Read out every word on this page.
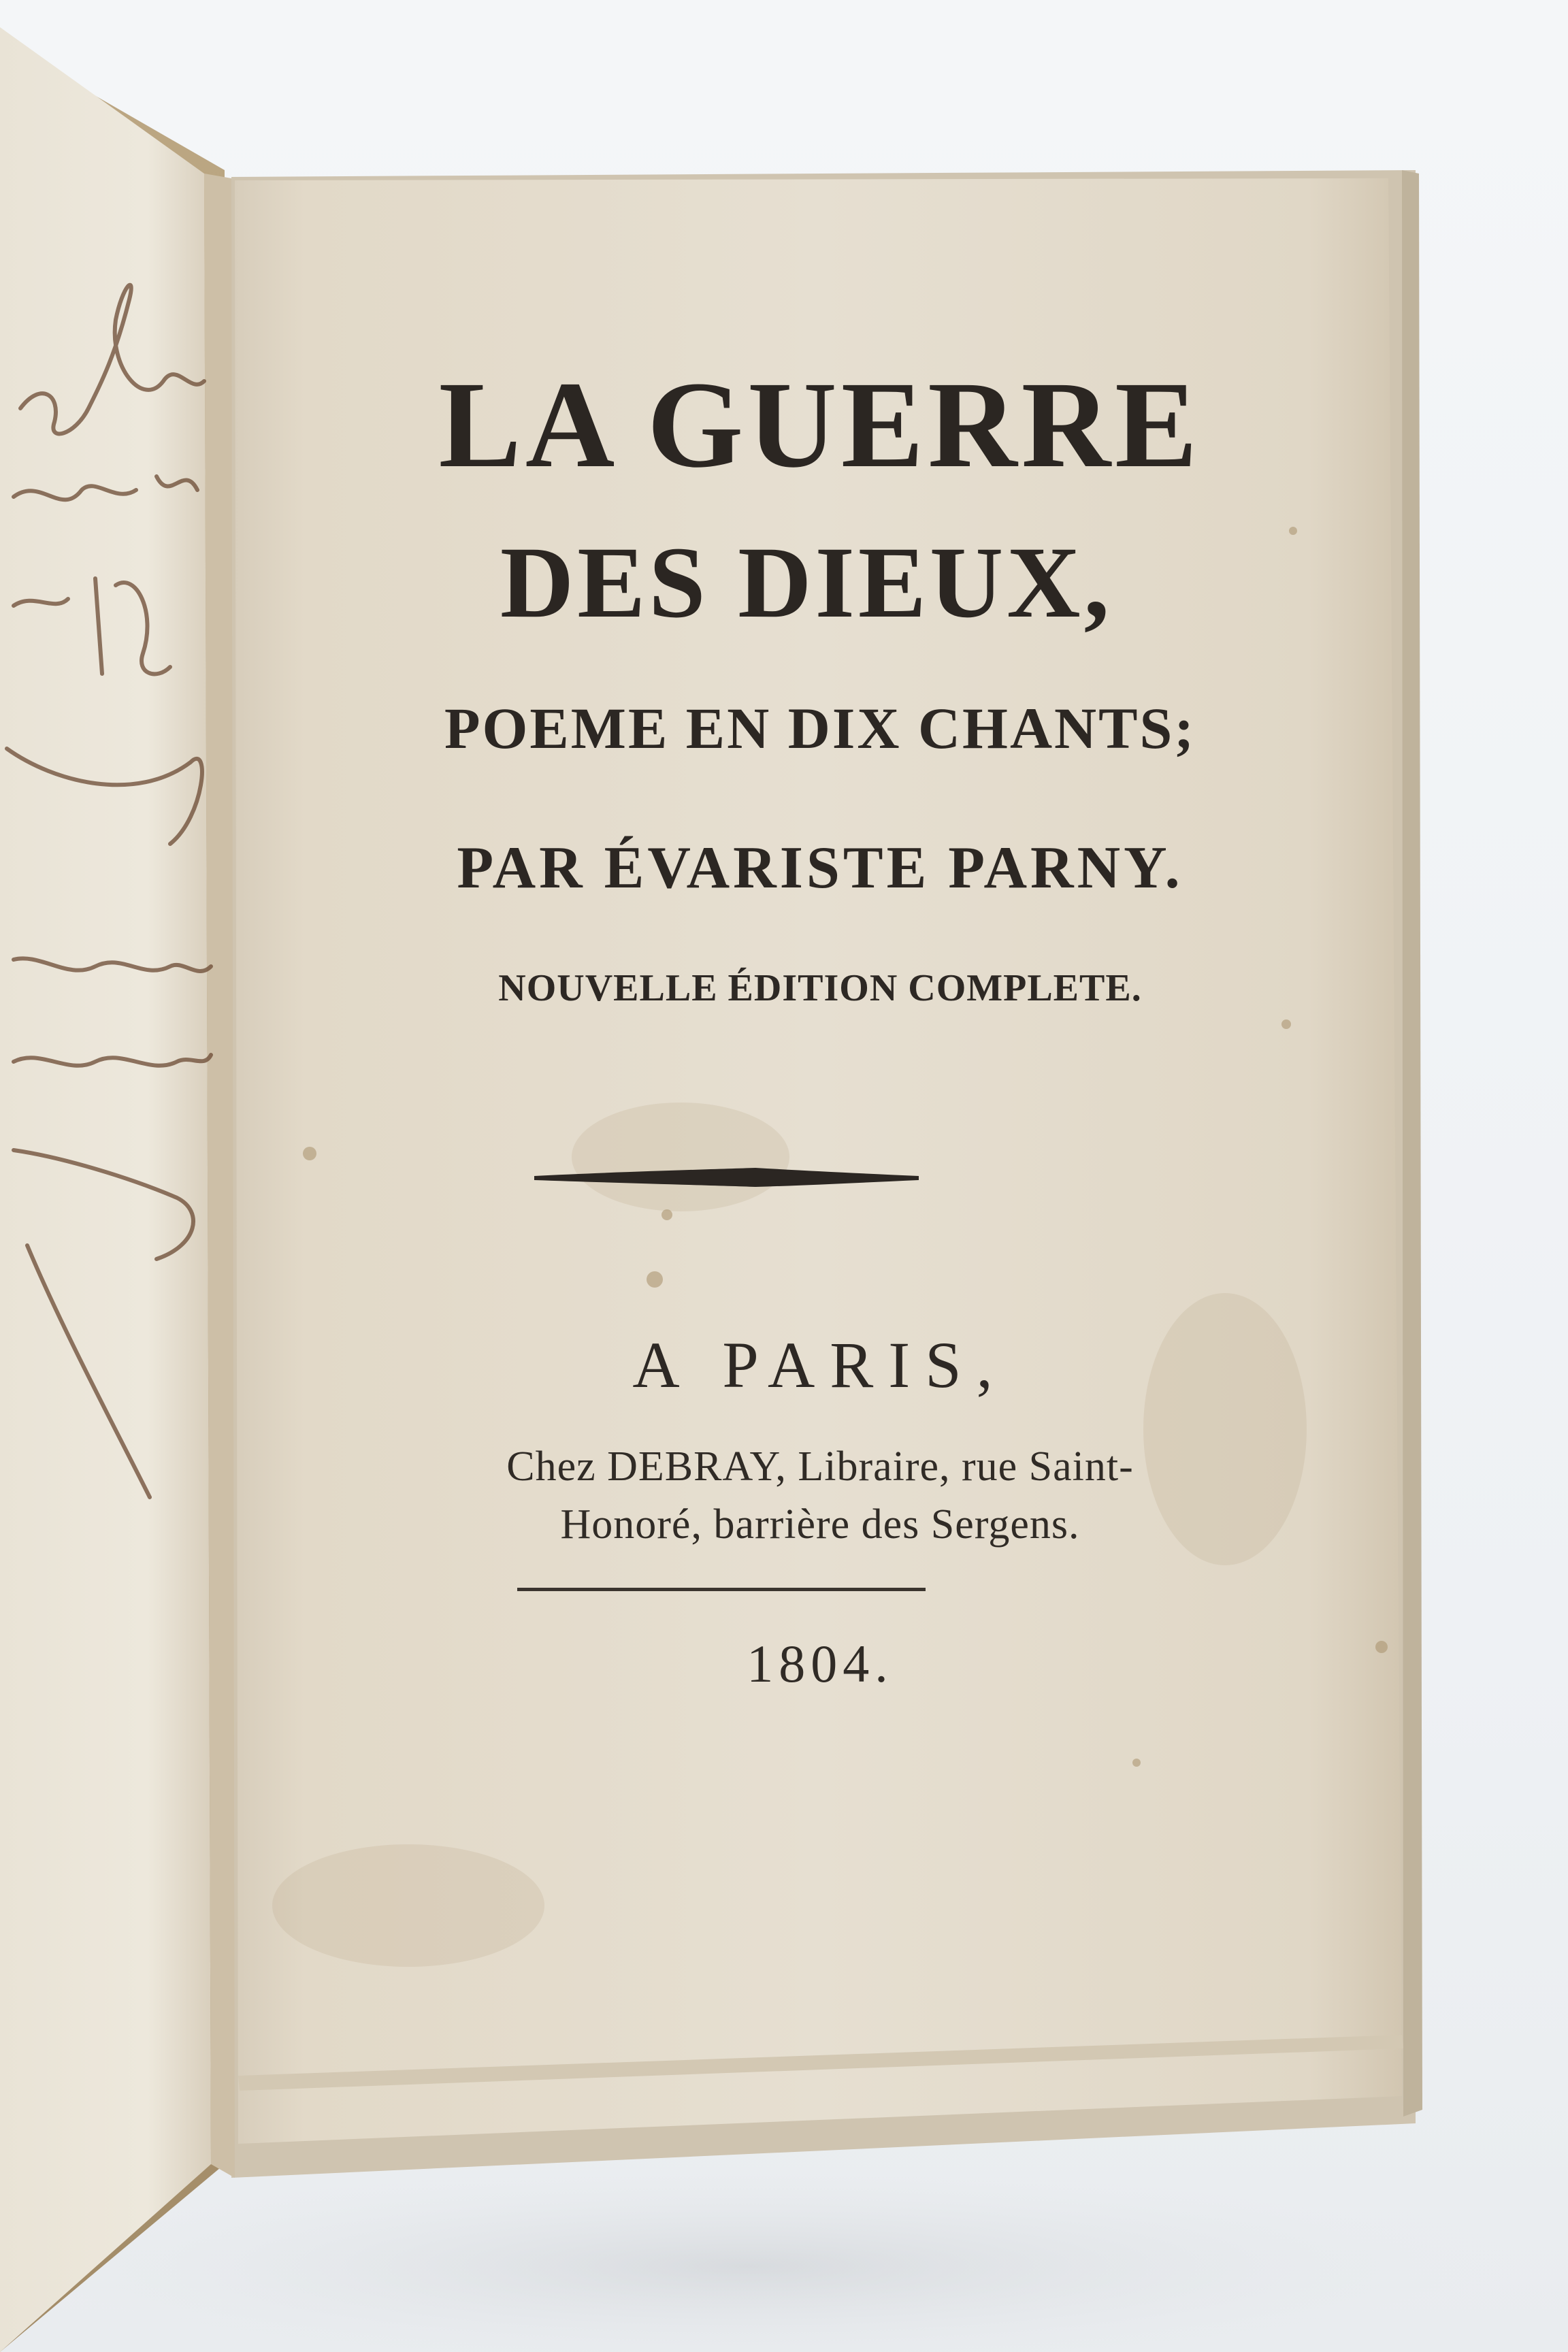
LA GUERRE
DES DIEUX,
POEME EN DIX CHANTS;
PAR ÉVARISTE PARNY.
NOUVELLE ÉDITION COMPLETE.
A PARIS,
Chez DEBRAY, Libraire, rue Saint-
Honoré, barrière des Sergens.
1804.
